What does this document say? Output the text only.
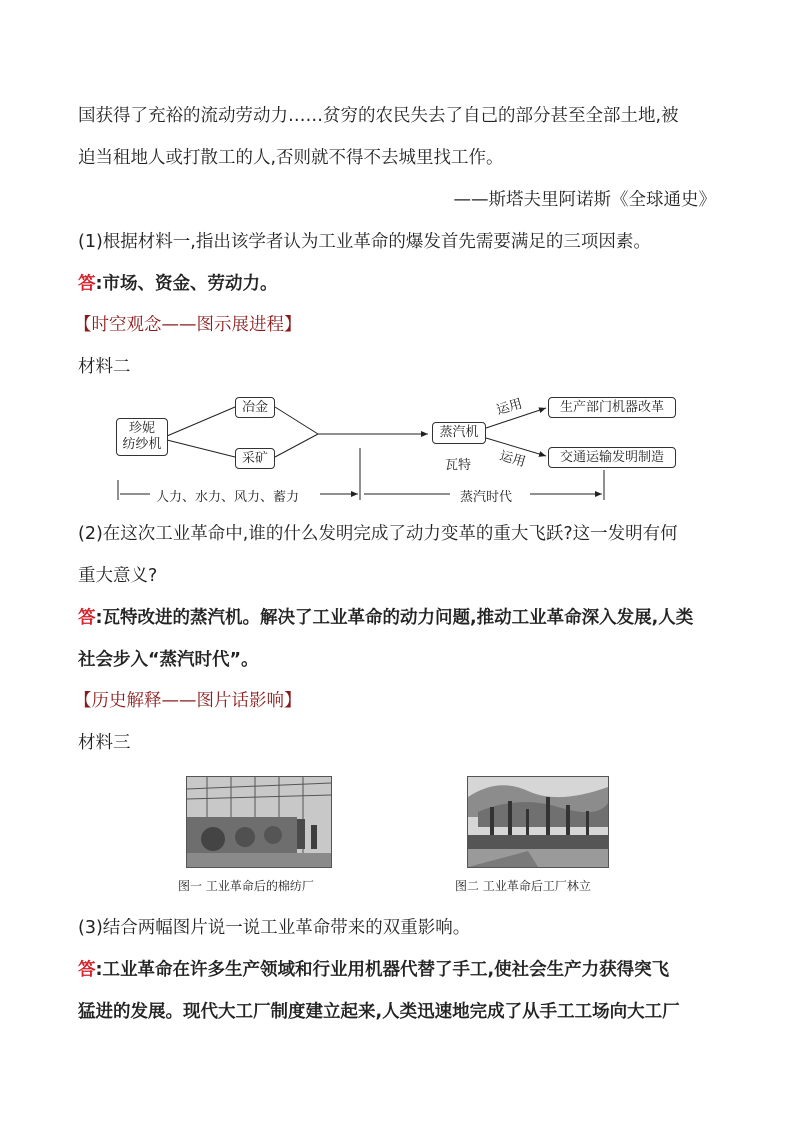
国获得了充裕的流动劳动力……贫穷的农民失去了自己的部分甚至全部土地,被
迫当租地人或打散工的人,否则就不得不去城里找工作。
——斯塔夫里阿诺斯《全球通史》
(1)根据材料一,指出该学者认为工业革命的爆发首先需要满足的三项因素。
答:市场、资金、劳动力。
【时空观念——图示展进程】
材料二
珍妮
纺纱机
冶金
采矿
蒸汽机
瓦特
运用
运用
生产部门机器改革
交通运输发明制造
人力、水力、风力、蓄力	蒸汽时代
(2)在这次工业革命中,谁的什么发明完成了动力变革的重大飞跃?这一发明有何
重大意义?
答:瓦特改进的蒸汽机。解决了工业革命的动力问题,推动工业革命深入发展,人类
社会步入“蒸汽时代”。
【历史解释——图片话影响】
材料三
图一 工业革命后的棉纺厂	图二 工业革命后工厂林立
(3)结合两幅图片说一说工业革命带来的双重影响。
答:工业革命在许多生产领域和行业用机器代替了手工,使社会生产力获得突飞
猛进的发展。现代大工厂制度建立起来,人类迅速地完成了从手工工场向大工厂
